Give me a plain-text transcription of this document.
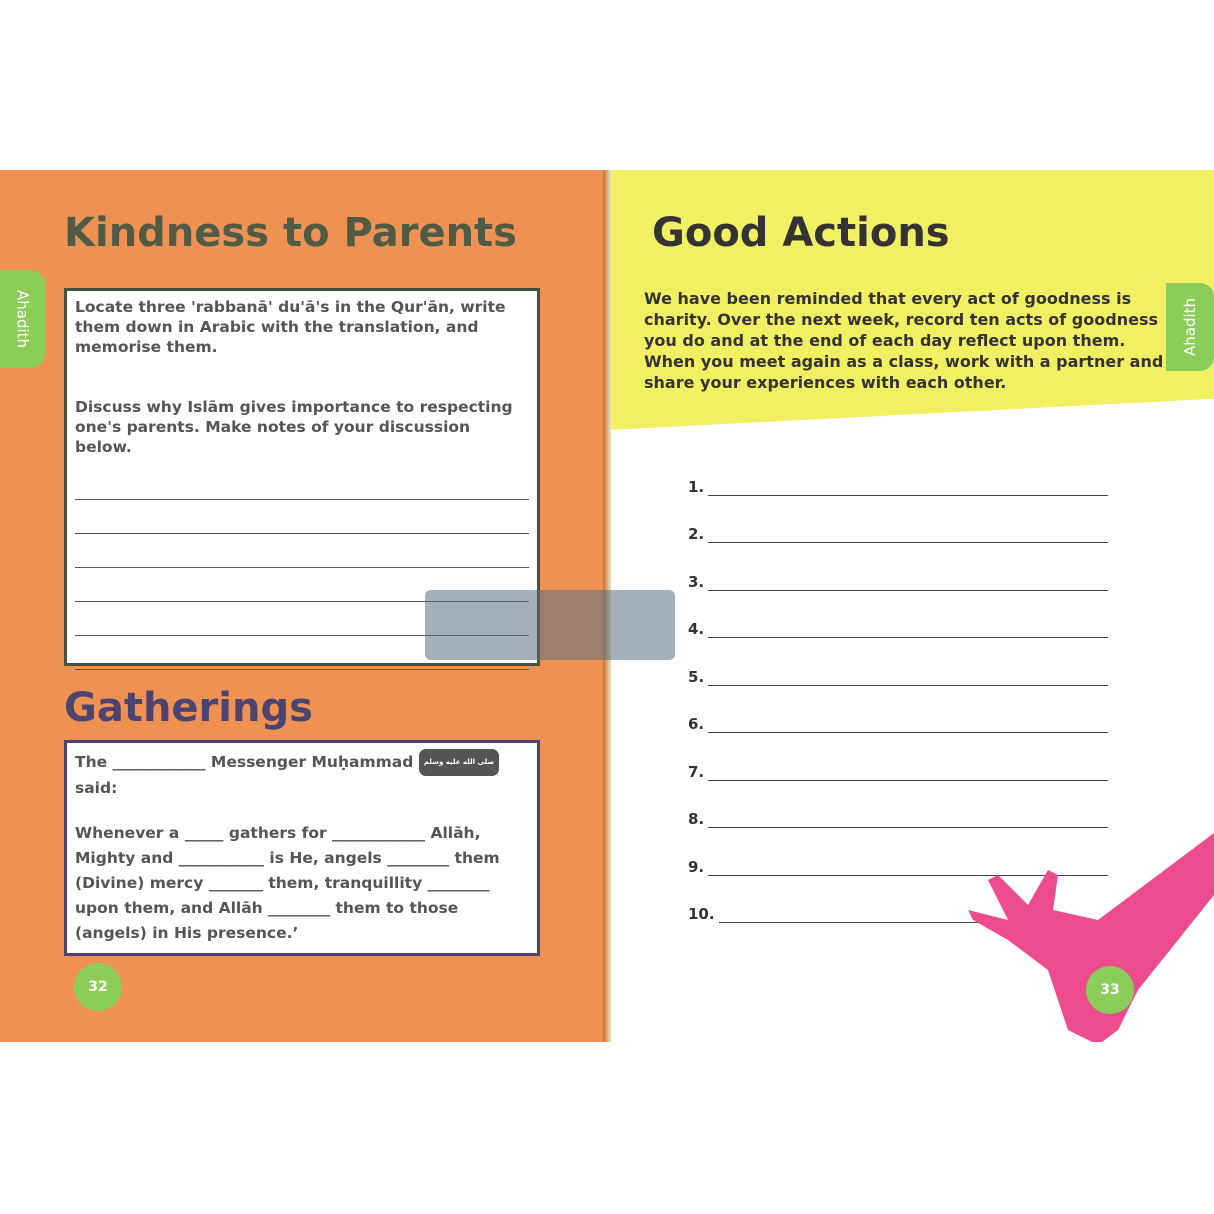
Kindness to Parents
Ahadith	Locate three 'rabbanā' du'ā's in the Qur'ān, write them down in Arabic with the translation, and memorise them.

Discuss why Islām gives importance to respecting one's parents. Make notes of your discussion below.

Gatherings
The ____________ Messenger Muḥammad صلى الله عليه وسلم
said:
Whenever a _____ gathers for ____________ Allāh, Mighty and ___________ is He, angels ________ them (Divine) mercy _______ them, tranquillity ________ upon them, and Allāh ________ them to those (angels) in His presence.’
32
Good Actions
Ahadith
We have been reminded that every act of goodness is charity. Over the next week, record ten acts of goodness you do and at the end of each day reflect upon them. When you meet again as a class, work with a partner and share your experiences with each other.
1.
2.
3.
4.
5.
6.
7.
8.
9.
10.
33
